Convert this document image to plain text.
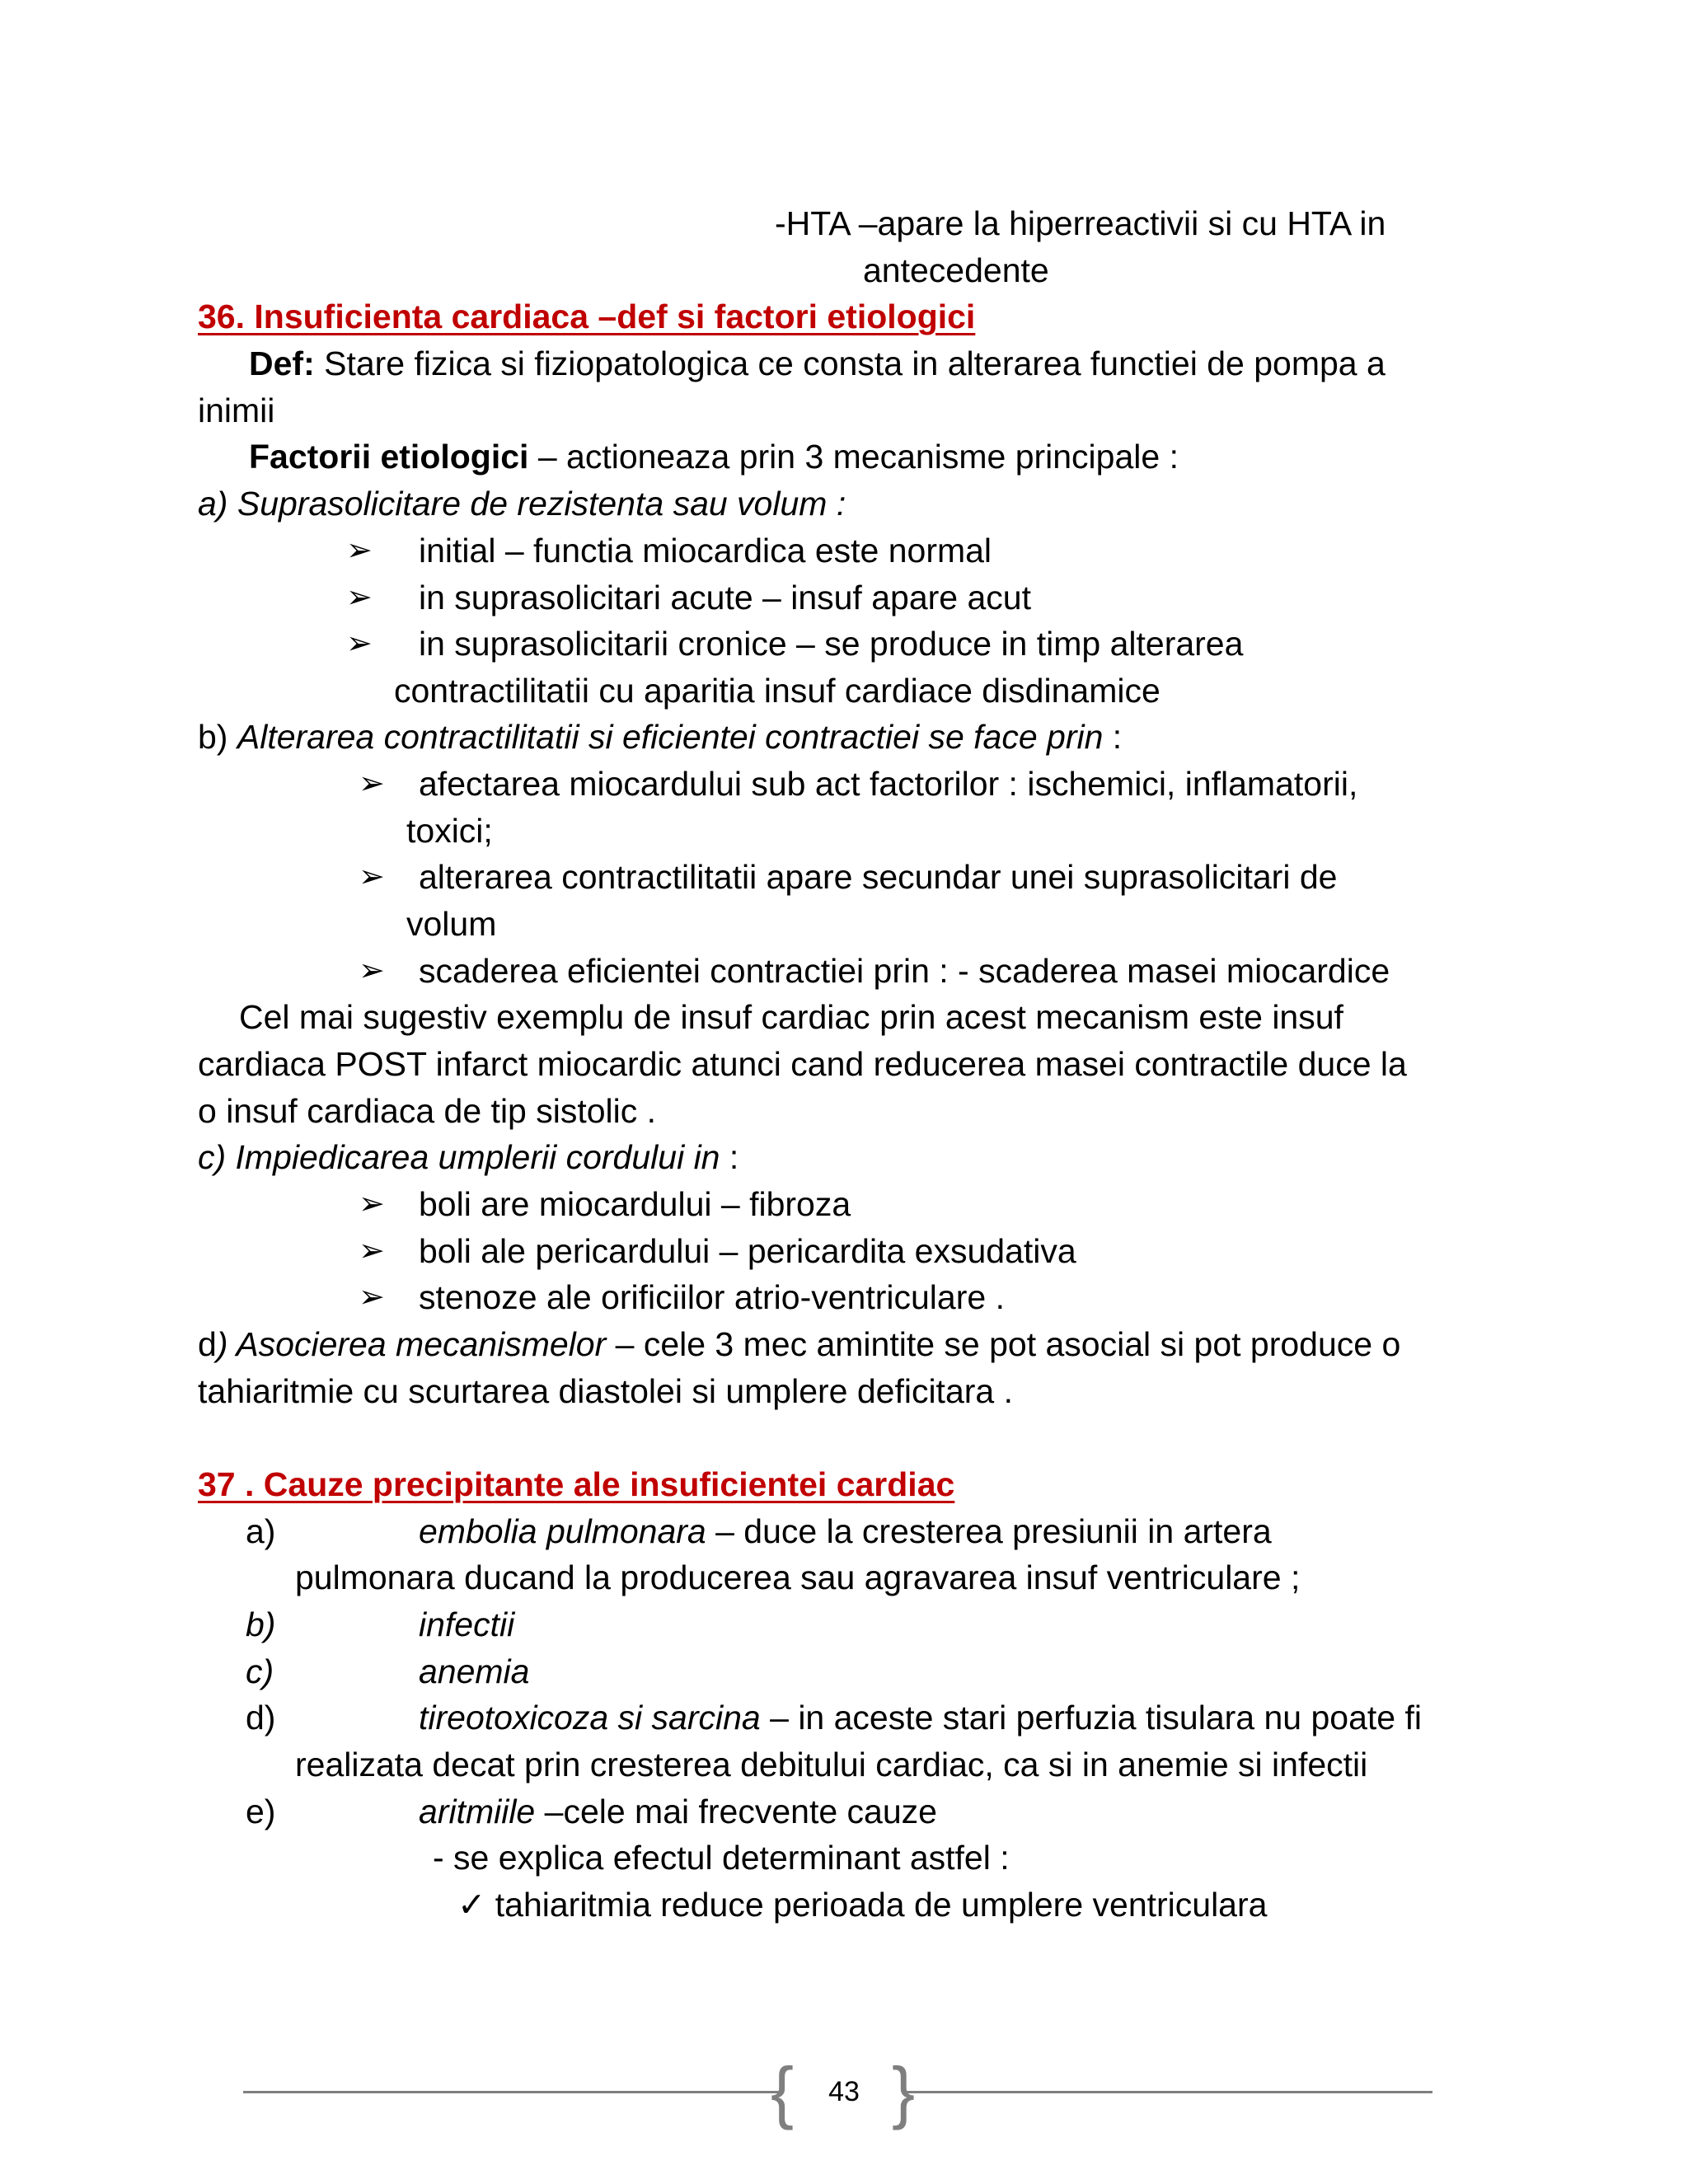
-HTA –apare la hiperreactivii si cu HTA in
antecedente
36. Insuficienta cardiaca –def si factori etiologici
Def: Stare fizica si fiziopatologica ce consta in alterarea functiei de pompa a
inimii
Factorii etiologici – actioneaza prin 3 mecanisme principale :
a) Suprasolicitare de rezistenta sau volum :
➢ initial – functia miocardica este normal
➢ in suprasolicitari acute – insuf apare acut
➢ in suprasolicitarii cronice – se produce in timp alterarea
contractilitatii cu aparitia insuf cardiace disdinamice
b) Alterarea contractilitatii si eficientei contractiei se face prin :
➢ afectarea miocardului sub act factorilor : ischemici, inflamatorii,
toxici;
➢ alterarea contractilitatii apare secundar unei suprasolicitari de
volum
➢ scaderea eficientei contractiei prin : - scaderea masei miocardice
Cel mai sugestiv exemplu de insuf cardiac prin acest mecanism este insuf
cardiaca POST infarct miocardic atunci cand reducerea masei contractile duce la
o insuf cardiaca de tip sistolic .
c) Impiedicarea umplerii cordului in :
➢ boli are miocardului – fibroza
➢ boli ale pericardului – pericardita exsudativa
➢ stenoze ale orificiilor atrio-ventriculare .
d) Asocierea mecanismelor – cele 3 mec amintite se pot asocial si pot produce o
tahiaritmie cu scurtarea diastolei si umplere deficitara .
37 . Cauze precipitante ale insuficientei cardiac
a)	embolia pulmonara – duce la cresterea presiunii in artera
pulmonara ducand la producerea sau agravarea insuf ventriculare ;
b)	infectii
c)	anemia
d)	tireotoxicoza si sarcina – in aceste stari perfuzia tisulara nu poate fi
realizata decat prin cresterea debitului cardiac, ca si in anemie si infectii
e)	aritmiile –cele mai frecvente cauze
- se explica efectul determinant astfel :
✓ tahiaritmia reduce perioada de umplere ventriculara
{ }
43
